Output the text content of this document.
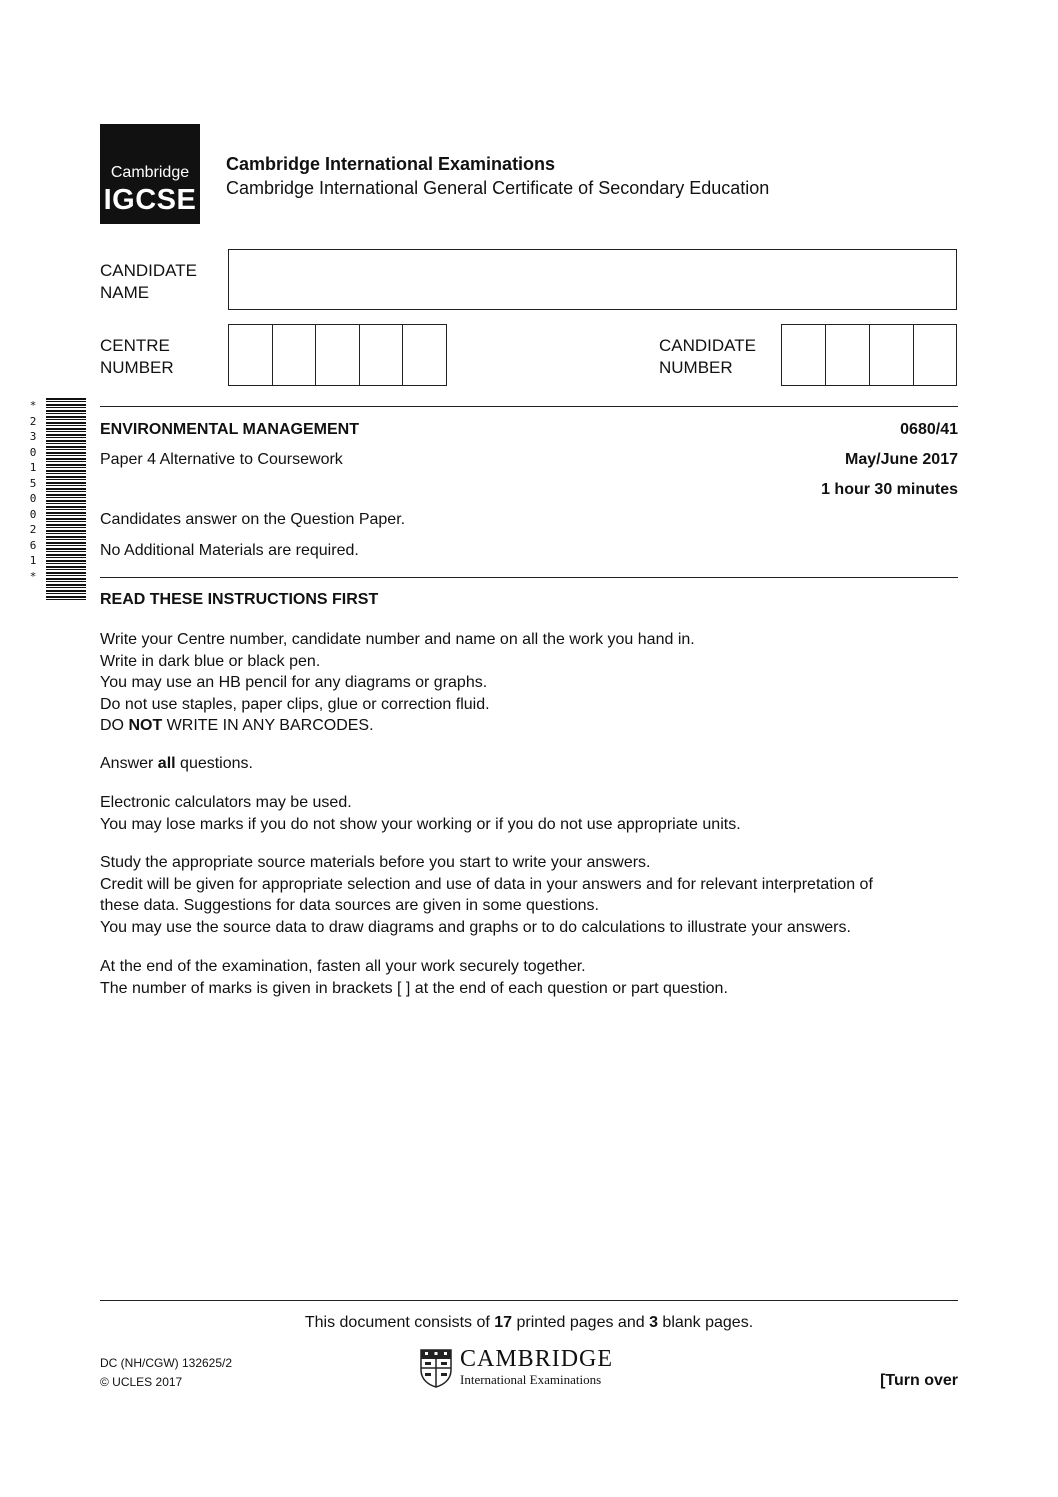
Cambridge
IGCSE
Cambridge International Examinations
Cambridge International General Certificate of Secondary Education
CANDIDATE
NAME
CENTRE
NUMBER
CANDIDATE
NUMBER
*
2
3
0
1
5
0
0
2
6
1
*
ENVIRONMENTAL MANAGEMENT	0680/41
Paper 4 Alternative to Coursework	May/June 2017
1 hour 30 minutes
Candidates answer on the Question Paper.
No Additional Materials are required.
READ THESE INSTRUCTIONS FIRST
Write your Centre number, candidate number and name on all the work you hand in.
Write in dark blue or black pen.
You may use an HB pencil for any diagrams or graphs.
Do not use staples, paper clips, glue or correction fluid.
DO NOT WRITE IN ANY BARCODES.
Answer all questions.
Electronic calculators may be used.
You may lose marks if you do not show your working or if you do not use appropriate units.
Study the appropriate source materials before you start to write your answers.
Credit will be given for appropriate selection and use of data in your answers and for relevant interpretation of
these data. Suggestions for data sources are given in some questions.
You may use the source data to draw diagrams and graphs or to do calculations to illustrate your answers.
At the end of the examination, fasten all your work securely together.
The number of marks is given in brackets [ ] at the end of each question or part question.
This document consists of 17 printed pages and 3 blank pages.
DC (NH/CGW) 132625/2
© UCLES 2017
CAMBRIDGE
International Examinations	[Turn over
